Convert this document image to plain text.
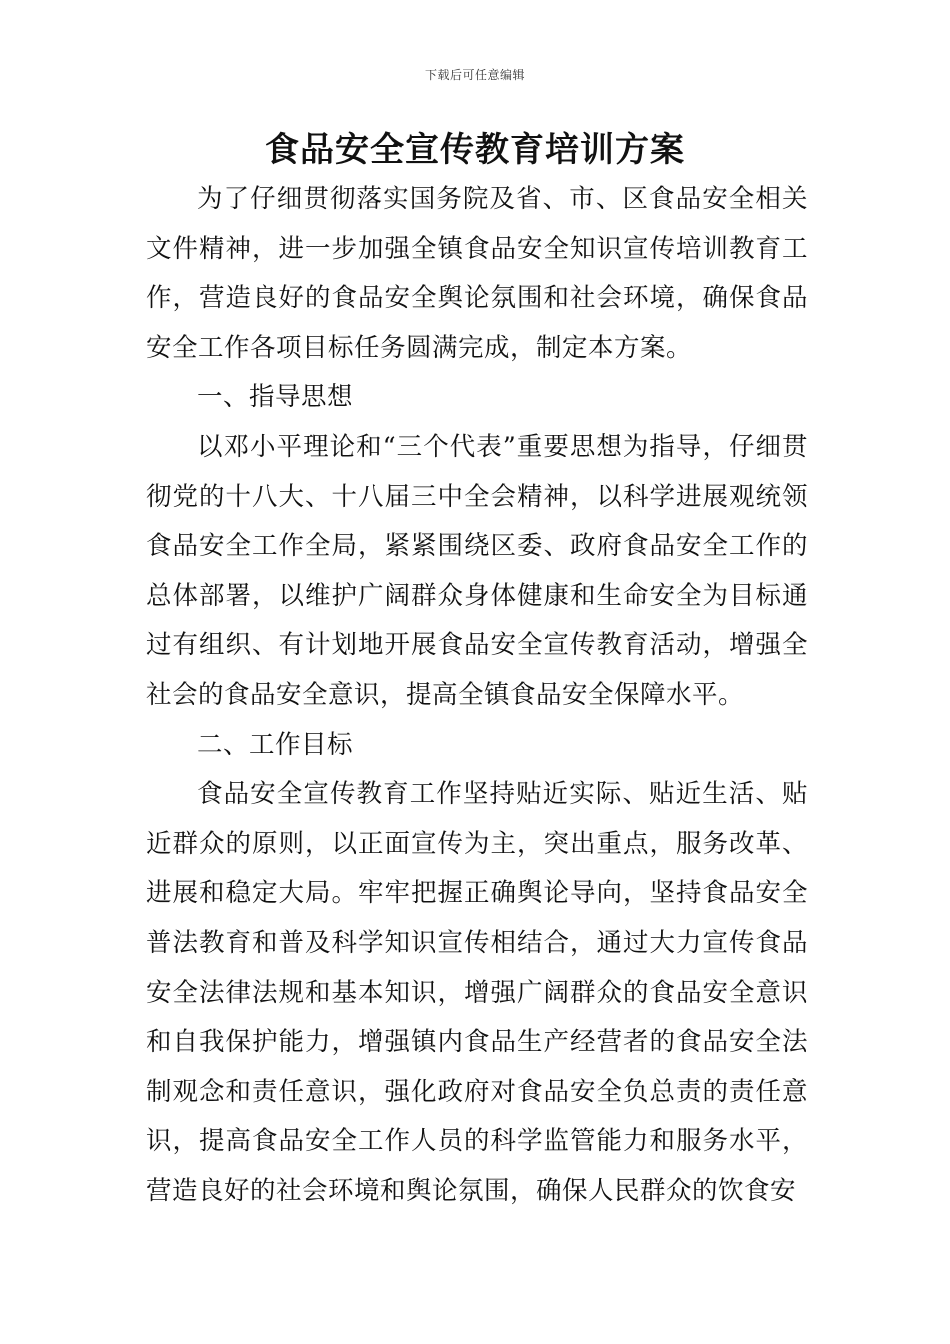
下载后可任意编辑
食品安全宣传教育培训方案

为了仔细贯彻落实国务院及省、市、区食品安全相关文件精神，进一步加强全镇食品安全知识宣传培训教育工作，营造良好的食品安全舆论氛围和社会环境，确保食品安全工作各项目标任务圆满完成，制定本方案。

一、指导思想

以邓小平理论和“三个代表”重要思想为指导，仔细贯彻党的十八大、十八届三中全会精神，以科学进展观统领食品安全工作全局，紧紧围绕区委、政府食品安全工作的总体部署，以维护广阔群众身体健康和生命安全为目标通过有组织、有计划地开展食品安全宣传教育活动，增强全社会的食品安全意识，提高全镇食品安全保障水平。

二、工作目标

食品安全宣传教育工作坚持贴近实际、贴近生活、贴近群众的原则，以正面宣传为主，突出重点，服务改革、进展和稳定大局。牢牢把握正确舆论导向，坚持食品安全普法教育和普及科学知识宣传相结合，通过大力宣传食品安全法律法规和基本知识，增强广阔群众的食品安全意识和自我保护能力，增强镇内食品生产经营者的食品安全法制观念和责任意识，强化政府对食品安全负总责的责任意识，提高食品安全工作人员的科学监管能力和服务水平，营造良好的社会环境和舆论氛围，确保人民群众的饮食安
